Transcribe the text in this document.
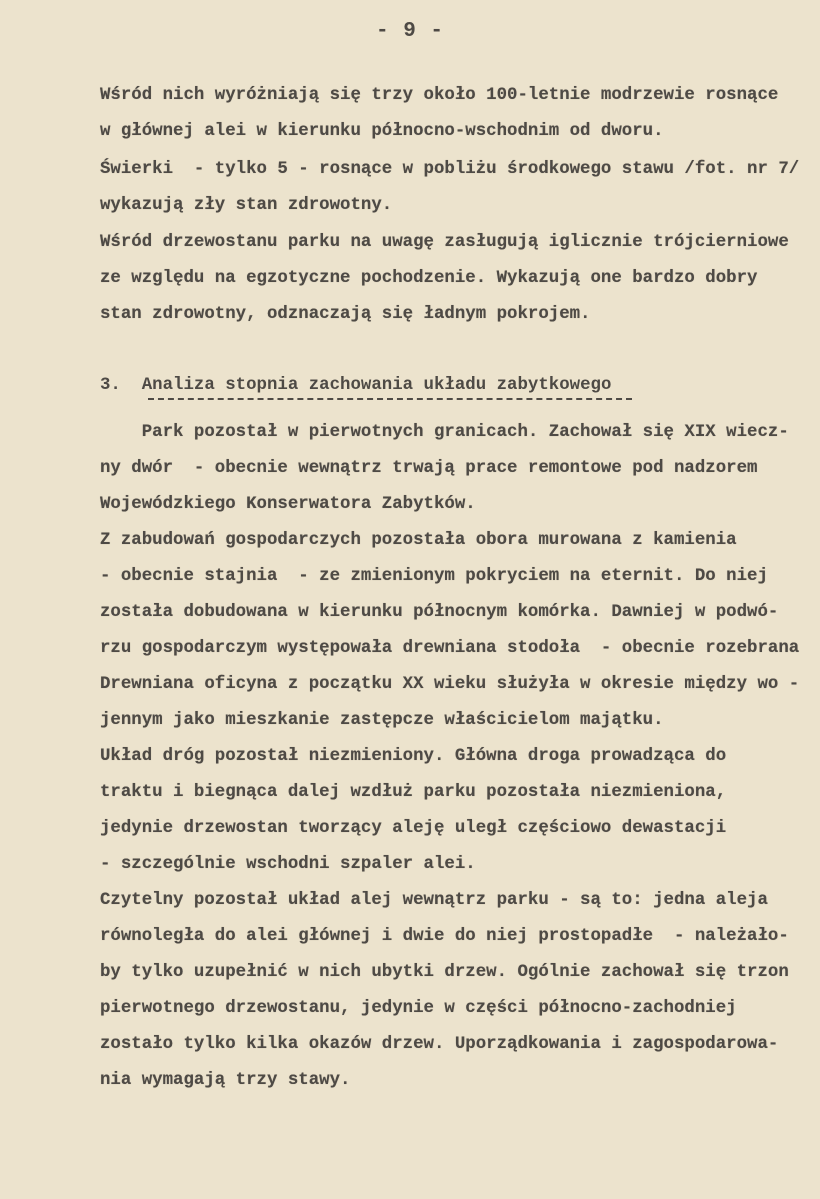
- 9 -
Wśród nich wyróżniają się trzy około 100-letnie modrzewie rosnące
w głównej alei w kierunku północno-wschodnim od dworu.
Świerki  - tylko 5 - rosnące w pobliżu środkowego stawu /fot. nr 7/
wykazują zły stan zdrowotny.
Wśród drzewostanu parku na uwagę zasługują iglicznie trójcierniowe
ze względu na egzotyczne pochodzenie. Wykazują one bardzo dobry
stan zdrowotny, odznaczają się ładnym pokrojem.
3. Analiza stopnia zachowania układu zabytkowego
Park pozostał w pierwotnych granicach. Zachował się XIX wiecz-
ny dwór  - obecnie wewnątrz trwają prace remontowe pod nadzorem
Wojewódzkiego Konserwatora Zabytków.
Z zabudowań gospodarczych pozostała obora murowana z kamienia
- obecnie stajnia  - ze zmienionym pokryciem na eternit. Do niej
została dobudowana w kierunku północnym komórka. Dawniej w podwó-
rzu gospodarczym występowała drewniana stodoła  - obecnie rozebrana
Drewniana oficyna z początku XX wieku służyła w okresie między wo -
jennym jako mieszkanie zastępcze właścicielom majątku.
Układ dróg pozostał niezmieniony. Główna droga prowadząca do
traktu i biegnąca dalej wzdłuż parku pozostała niezmieniona,
jedynie drzewostan tworzący aleję uległ częściowo dewastacji
- szczególnie wschodni szpaler alei.
Czytelny pozostał układ alej wewnątrz parku - są to: jedna aleja
równoległa do alei głównej i dwie do niej prostopadłe  - należało-
by tylko uzupełnić w nich ubytki drzew. Ogólnie zachował się trzon
pierwotnego drzewostanu, jedynie w części północno-zachodniej
zostało tylko kilka okazów drzew. Uporządkowania i zagospodarowa-
nia wymagają trzy stawy.
